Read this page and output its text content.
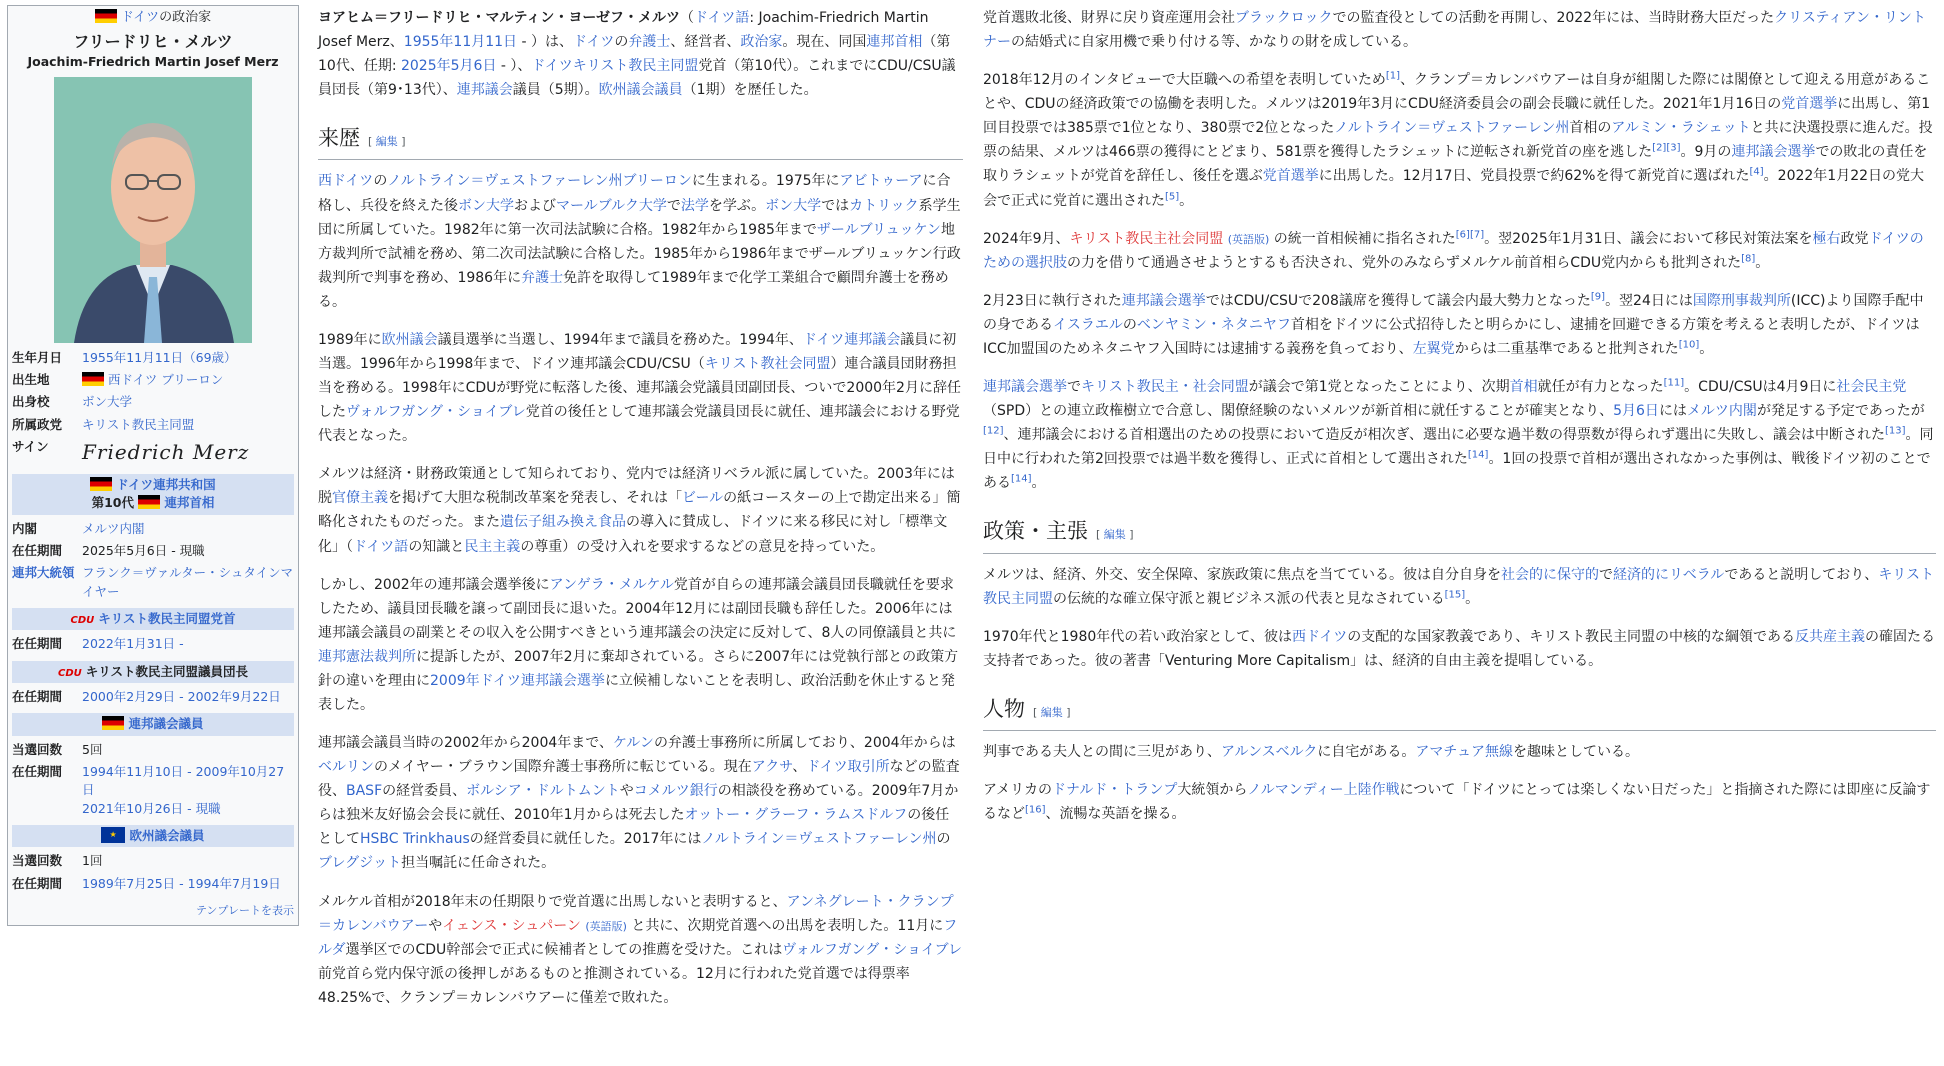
ドイツの政治家
フリードリヒ・メルツ
Joachim-Friedrich Martin Josef Merz
生年月日	1955年11月11日（69歳）
出生地	西ドイツ ブリーロン
出身校	ボン大学
所属政党	キリスト教民主同盟
サイン	Friedrich Merz
ドイツ連邦共和国
第10代 連邦首相
内閣	メルツ内閣
在任期間	2025年5月6日 - 現職
連邦大統領 フランク＝ヴァルター・シュタインマイヤー
CDU キリスト教民主同盟党首
在任期間	2022年1月31日 -
CDU キリスト教民主同盟議員団長
在任期間	2000年2月29日 - 2002年9月22日
連邦議会議員
当選回数	5回
在任期間	1994年11月10日 - 2009年10月27日
2021年10月26日 - 現職
★欧州議会議員
当選回数	1回
在任期間	1989年7月25日 - 1994年7月19日
テンプレートを表示

ヨアヒム＝フリードリヒ・マルティン・ヨーゼフ・メルツ（ドイツ語: Joachim-Friedrich Martin Josef Merz、1955年11月11日 - ）は、ドイツの弁護士、経営者、政治家。現在、同国連邦首相（第10代、任期: 2025年5月6日 - ）、ドイツキリスト教民主同盟党首（第10代）。これまでにCDU/CSU議員団長（第9･13代）、連邦議会議員（5期）。欧州議会議員（1期）を歴任した。

来歴 [ 編集 ]

西ドイツのノルトライン＝ヴェストファーレン州ブリーロンに生まれる。1975年にアビトゥーアに合格し、兵役を終えた後ボン大学およびマールブルク大学で法学を学ぶ。ボン大学ではカトリック系学生団に所属していた。1982年に第一次司法試験に合格。1982年から1985年までザールブリュッケン地方裁判所で試補を務め、第二次司法試験に合格した。1985年から1986年までザールブリュッケン行政裁判所で判事を務め、1986年に弁護士免許を取得して1989年まで化学工業組合で顧問弁護士を務める。

1989年に欧州議会議員選挙に当選し、1994年まで議員を務めた。1994年、ドイツ連邦議会議員に初当選。1996年から1998年まで、ドイツ連邦議会CDU/CSU（キリスト教社会同盟）連合議員団財務担当を務める。1998年にCDUが野党に転落した後、連邦議会党議員団副団長、ついで2000年2月に辞任したヴォルフガング・ショイブレ党首の後任として連邦議会党議員団長に就任、連邦議会における野党代表となった。

メルツは経済・財務政策通として知られており、党内では経済リベラル派に属していた。2003年には脱官僚主義を掲げて大胆な税制改革案を発表し、それは「ビールの紙コースターの上で勘定出来る」簡略化されたものだった。また遺伝子組み換え食品の導入に賛成し、ドイツに来る移民に対し「標準文化」（ドイツ語の知識と民主主義の尊重）の受け入れを要求するなどの意見を持っていた。

しかし、2002年の連邦議会選挙後にアンゲラ・メルケル党首が自らの連邦議会議員団長職就任を要求したため、議員団長職を譲って副団長に退いた。2004年12月には副団長職も辞任した。2006年には連邦議会議員の副業とその収入を公開すべきという連邦議会の決定に反対して、8人の同僚議員と共に連邦憲法裁判所に提訴したが、2007年2月に棄却されている。さらに2007年には党執行部との政策方針の違いを理由に2009年ドイツ連邦議会選挙に立候補しないことを表明し、政治活動を休止すると発表した。

連邦議会議員当時の2002年から2004年まで、ケルンの弁護士事務所に所属しており、2004年からはベルリンのメイヤー・ブラウン国際弁護士事務所に転じている。現在アクサ、ドイツ取引所などの監査役、BASFの経営委員、ボルシア・ドルトムントやコメルツ銀行の相談役を務めている。2009年7月からは独米友好協会会長に就任、2010年1月からは死去したオットー・グラーフ・ラムスドルフの後任としてHSBC Trinkhausの経営委員に就任した。2017年にはノルトライン＝ヴェストファーレン州のブレグジット担当嘱託に任命された。

メルケル首相が2018年末の任期限りで党首選に出馬しないと表明すると、アンネグレート・クランプ＝カレンバウアーやイェンス・シュパーン (英語版) と共に、次期党首選への出馬を表明した。11月にフルダ選挙区でのCDU幹部会で正式に候補者としての推薦を受けた。これはヴォルフガング・ショイブレ前党首ら党内保守派の後押しがあるものと推測されている。12月に行われた党首選では得票率48.25%で、クランプ＝カレンバウアーに僅差で敗れた。

党首選敗北後、財界に戻り資産運用会社ブラックロックでの監査役としての活動を再開し、2022年には、当時財務大臣だったクリスティアン・リントナーの結婚式に自家用機で乗り付ける等、かなりの財を成している。

2018年12月のインタビューで大臣職への希望を表明していため[1]、クランプ＝カレンバウアーは自身が組閣した際には閣僚として迎える用意があることや、CDUの経済政策での協働を表明した。メルツは2019年3月にCDU経済委員会の副会長職に就任した。2021年1月16日の党首選挙に出馬し、第1回目投票では385票で1位となり、380票で2位となったノルトライン＝ヴェストファーレン州首相のアルミン・ラシェットと共に決選投票に進んだ。投票の結果、メルツは466票の獲得にとどまり、581票を獲得したラシェットに逆転され新党首の座を逃した[2][3]。9月の連邦議会選挙での敗北の責任を取りラシェットが党首を辞任し、後任を選ぶ党首選挙に出馬した。12月17日、党員投票で約62%を得て新党首に選ばれた[4]。2022年1月22日の党大会で正式に党首に選出された[5]。

2024年9月、キリスト教民主社会同盟 (英語版) の統一首相候補に指名された[6][7]。翌2025年1月31日、議会において移民対策法案を極右政党ドイツのための選択肢の力を借りて通過させようとするも否決され、党外のみならずメルケル前首相らCDU党内からも批判された[8]。

2月23日に執行された連邦議会選挙ではCDU/CSUで208議席を獲得して議会内最大勢力となった[9]。翌24日には国際刑事裁判所(ICC)より国際手配中の身であるイスラエルのベンヤミン・ネタニヤフ首相をドイツに公式招待したと明らかにし、逮捕を回避できる方策を考えると表明したが、ドイツはICC加盟国のためネタニヤフ入国時には逮捕する義務を負っており、左翼党からは二重基準であると批判された[10]。

連邦議会選挙でキリスト教民主・社会同盟が議会で第1党となったことにより、次期首相就任が有力となった[11]。CDU/CSUは4月9日に社会民主党（SPD）との連立政権樹立で合意し、閣僚経験のないメルツが新首相に就任することが確実となり、5月6日にはメルツ内閣が発足する予定であったが[12]、連邦議会における首相選出のための投票において造反が相次ぎ、選出に必要な過半数の得票数が得られず選出に失敗し、議会は中断された[13]。同日中に行われた第2回投票では過半数を獲得し、正式に首相として選出された[14]。1回の投票で首相が選出されなかった事例は、戦後ドイツ初のことである[14]。

政策・主張 [ 編集 ]

メルツは、経済、外交、安全保障、家族政策に焦点を当てている。彼は自分自身を社会的に保守的で経済的にリベラルであると説明しており、キリスト教民主同盟の伝統的な確立保守派と親ビジネス派の代表と見なされている[15]。

1970年代と1980年代の若い政治家として、彼は西ドイツの支配的な国家教義であり、キリスト教民主同盟の中核的な綱領である反共産主義の確固たる支持者であった。彼の著書「Venturing More Capitalism」は、経済的自由主義を提唱している。

人物 [ 編集 ]

判事である夫人との間に三児があり、アルンスベルクに自宅がある。アマチュア無線を趣味としている。

アメリカのドナルド・トランプ大統領からノルマンディー上陸作戦について「ドイツにとっては楽しくない日だった」と指摘された際には即座に反論するなど[16]、流暢な英語を操る。
